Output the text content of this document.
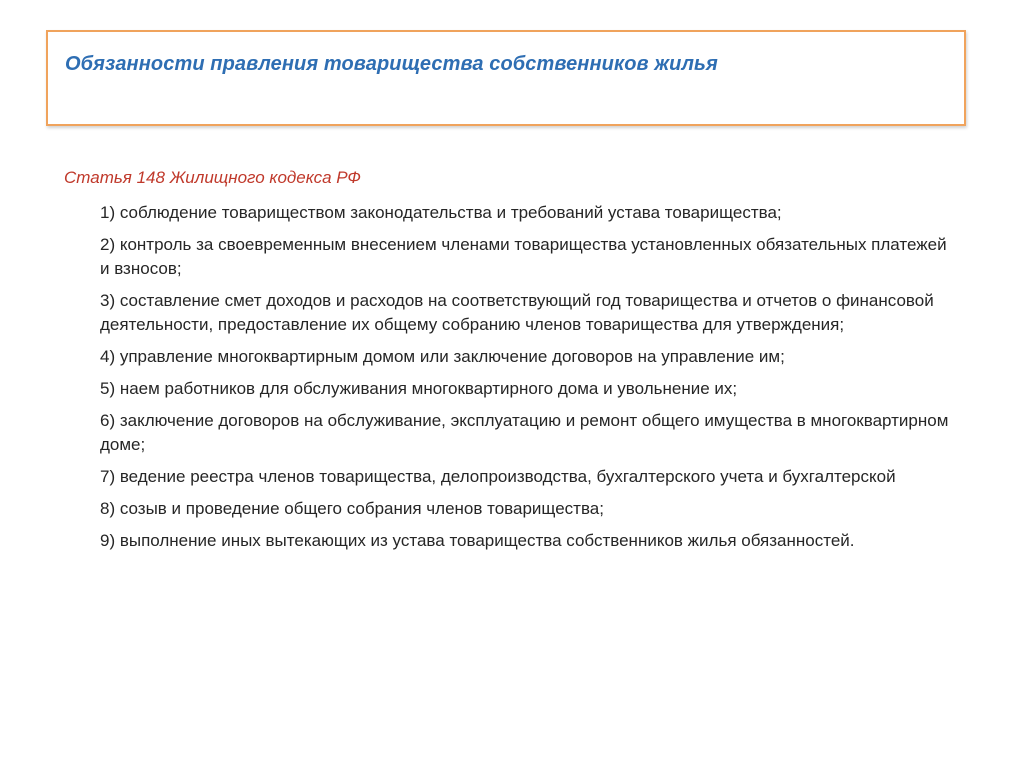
Обязанности правления товарищества собственников жилья

Статья 148 Жилищного кодекса РФ

1) соблюдение товариществом законодательства и требований устава товарищества;
2) контроль за своевременным внесением членами товарищества установленных обязательных платежей и взносов;
3) составление смет доходов и расходов на соответствующий год товарищества и отчетов о финансовой деятельности, предоставление их общему собранию членов товарищества для утверждения;
4) управление многоквартирным домом или заключение договоров на управление им;
5) наем работников для обслуживания многоквартирного дома и увольнение их;
6) заключение договоров на обслуживание, эксплуатацию и ремонт общего имущества в многоквартирном доме;
7) ведение реестра членов товарищества, делопроизводства, бухгалтерского учета и бухгалтерской
8) созыв и проведение общего собрания членов товарищества;
9) выполнение иных вытекающих из устава товарищества собственников жилья обязанностей.
